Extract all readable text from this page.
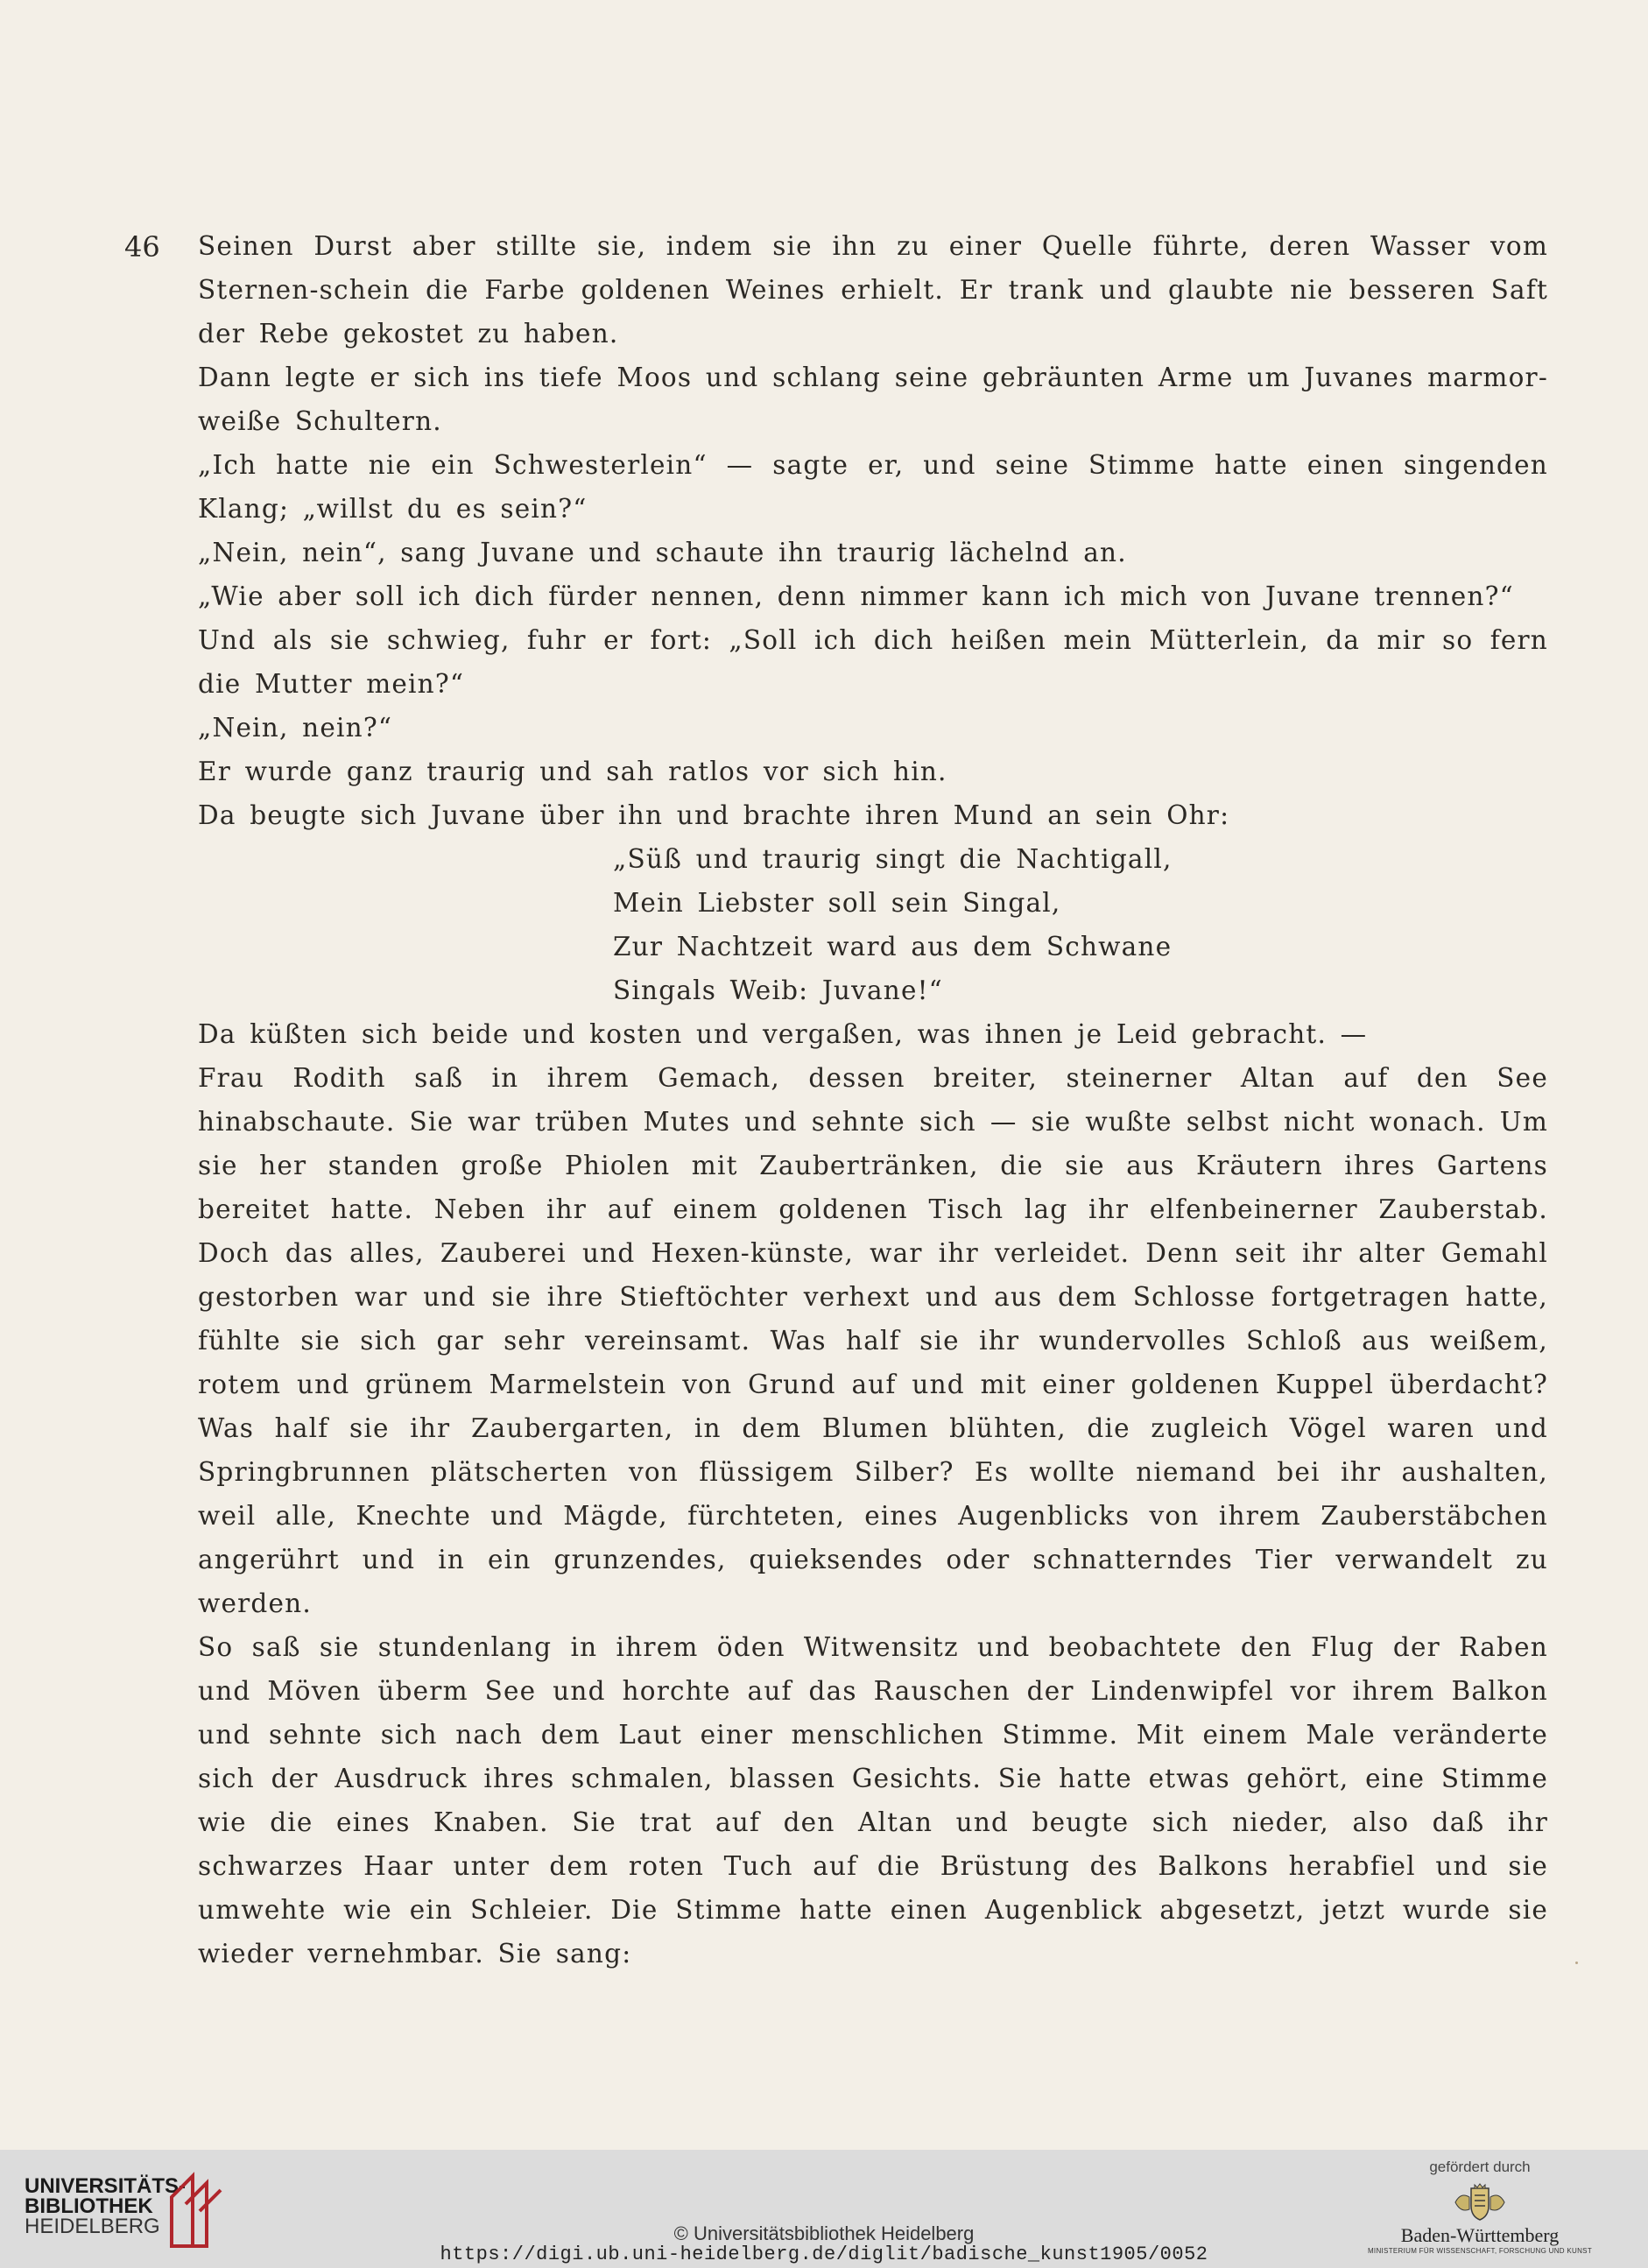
46 Seinen Durst aber stillte sie, indem sie ihn zu einer Quelle führte, deren Wasser vom Sternen-schein die Farbe goldenen Weines erhielt. Er trank und glaubte nie besseren Saft der Rebe gekostet zu haben.

Dann legte er sich ins tiefe Moos und schlang seine gebräunten Arme um Juvanes marmor-weiße Schultern.

„Ich hatte nie ein Schwesterlein“ — sagte er, und seine Stimme hatte einen singenden Klang; „willst du es sein?“

„Nein, nein“, sang Juvane und schaute ihn traurig lächelnd an.

„Wie aber soll ich dich fürder nennen, denn nimmer kann ich mich von Juvane trennen?“

Und als sie schwieg, fuhr er fort: „Soll ich dich heißen mein Mütterlein, da mir so fern die Mutter mein?“

„Nein, nein?“

Er wurde ganz traurig und sah ratlos vor sich hin.

Da beugte sich Juvane über ihn und brachte ihren Mund an sein Ohr:

„Süß und traurig singt die Nachtigall,
Mein Liebster soll sein Singal,
Zur Nachtzeit ward aus dem Schwane
Singals Weib: Juvane!“

Da küßten sich beide und kosten und vergaßen, was ihnen je Leid gebracht. —

Frau Rodith saß in ihrem Gemach, dessen breiter, steinerner Altan auf den See hinabschaute. Sie war trüben Mutes und sehnte sich — sie wußte selbst nicht wonach. Um sie her standen große Phiolen mit Zaubertränken, die sie aus Kräutern ihres Gartens bereitet hatte. Neben ihr auf einem goldenen Tisch lag ihr elfenbeinerner Zauberstab. Doch das alles, Zauberei und Hexen-künste, war ihr verleidet. Denn seit ihr alter Gemahl gestorben war und sie ihre Stieftöchter verhext und aus dem Schlosse fortgetragen hatte, fühlte sie sich gar sehr vereinsamt. Was half sie ihr wundervolles Schloß aus weißem, rotem und grünem Marmelstein von Grund auf und mit einer goldenen Kuppel überdacht? Was half sie ihr Zaubergarten, in dem Blumen blühten, die zugleich Vögel waren und Springbrunnen plätscherten von flüssigem Silber? Es wollte niemand bei ihr aushalten, weil alle, Knechte und Mägde, fürchteten, eines Augenblicks von ihrem Zauberstäbchen angerührt und in ein grunzendes, quieksendes oder schnatterndes Tier verwandelt zu werden.

So saß sie stundenlang in ihrem öden Witwensitz und beobachtete den Flug der Raben und Möven überm See und horchte auf das Rauschen der Lindenwipfel vor ihrem Balkon und sehnte sich nach dem Laut einer menschlichen Stimme. Mit einem Male veränderte sich der Ausdruck ihres schmalen, blassen Gesichts. Sie hatte etwas gehört, eine Stimme wie die eines Knaben. Sie trat auf den Altan und beugte sich nieder, also daß ihr schwarzes Haar unter dem roten Tuch auf die Brüstung des Balkons herabfiel und sie umwehte wie ein Schleier. Die Stimme hatte einen Augenblick abgesetzt, jetzt wurde sie wieder vernehmbar. Sie sang:

UNIVERSITÄTS-
BIBLIOTHEK
HEIDELBERG	© Universitätsbibliothek Heidelberg
https://digi.ub.uni-heidelberg.de/diglit/badische_kunst1905/0052
gefördert durch
Baden-Württemberg
MINISTERIUM FÜR WISSENSCHAFT, FORSCHUNG UND KUNST
